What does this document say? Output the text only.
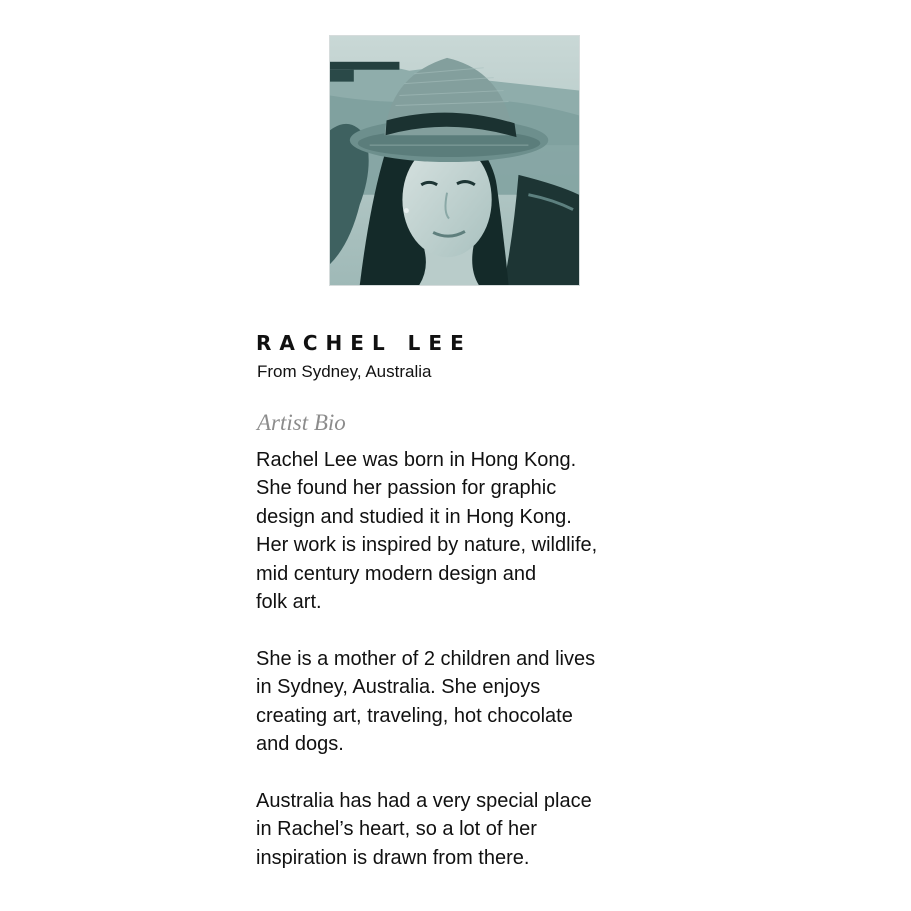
RACHEL LEE

From Sydney, Australia

Artist Bio
Rachel Lee was born in Hong Kong.
She found her passion for graphic
design and studied it in Hong Kong.
Her work is inspired by nature, wildlife,
mid century modern design and
folk art.
She is a mother of 2 children and lives
in Sydney, Australia. She enjoys
creating art, traveling, hot chocolate
and dogs.
Australia has had a very special place
in Rachel’s heart, so a lot of her
inspiration is drawn from there.
